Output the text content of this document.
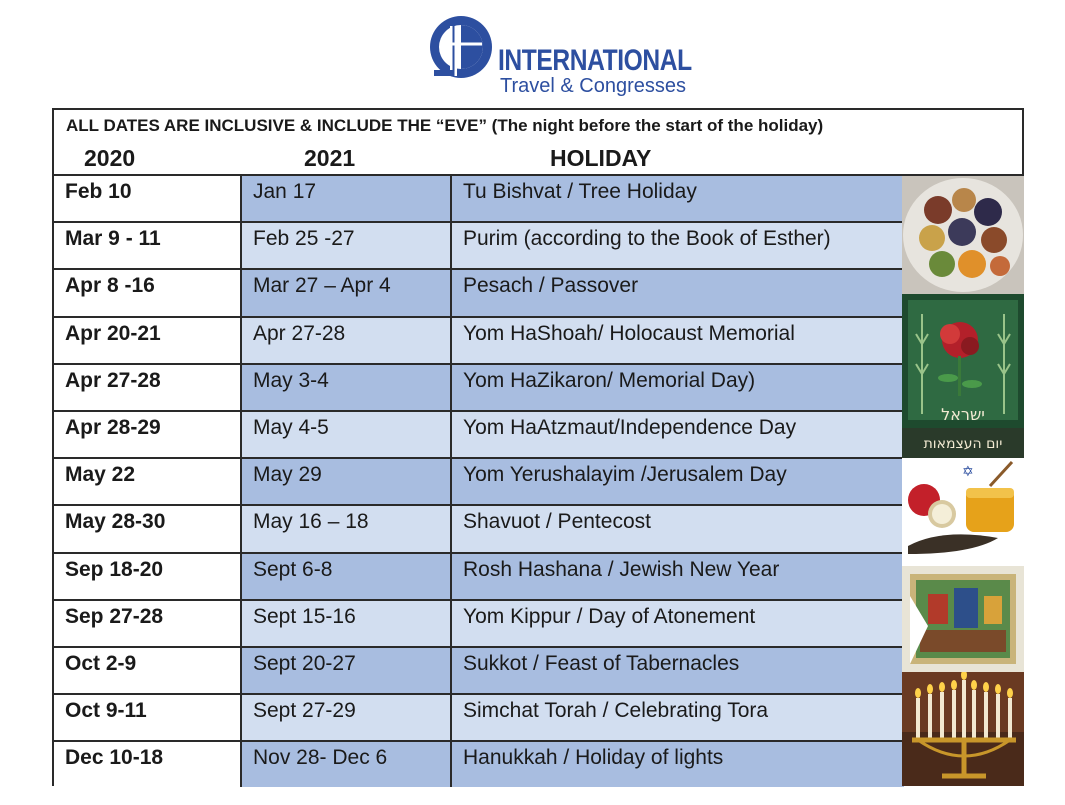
INTERNATIONAL
Travel & Congresses
ALL DATES ARE INCLUSIVE & INCLUDE THE “EVE” (The night before the start of the holiday)
2020	2021	HOLIDAY
Feb 10	Jan 17	Tu Bishvat / Tree Holiday
Mar 9 - 11	Feb 25 -27	Purim (according to the Book of Esther)
Apr 8 -16	Mar 27 – Apr 4	Pesach / Passover
Apr 20-21	Apr 27-28	Yom HaShoah/ Holocaust Memorial
Apr 27-28	May 3-4	Yom HaZikaron/ Memorial Day)
Apr 28-29	May 4-5	Yom HaAtzmaut/Independence Day
May 22	May 29	Yom Yerushalayim /Jerusalem Day
May 28-30	May 16 – 18	Shavuot / Pentecost
Sep 18-20	Sept 6-8	Rosh Hashana / Jewish New Year
Sep 27-28	Sept 15-16	Yom Kippur / Day of Atonement
Oct 2-9	Sept 20-27	Sukkot / Feast of Tabernacles
Oct 9-11	Sept 27-29	Simchat Torah / Celebrating Tora
Dec 10-18	Nov 28- Dec 6	Hanukkah / Holiday of lights
ישראל
יום העצמאות
✡
